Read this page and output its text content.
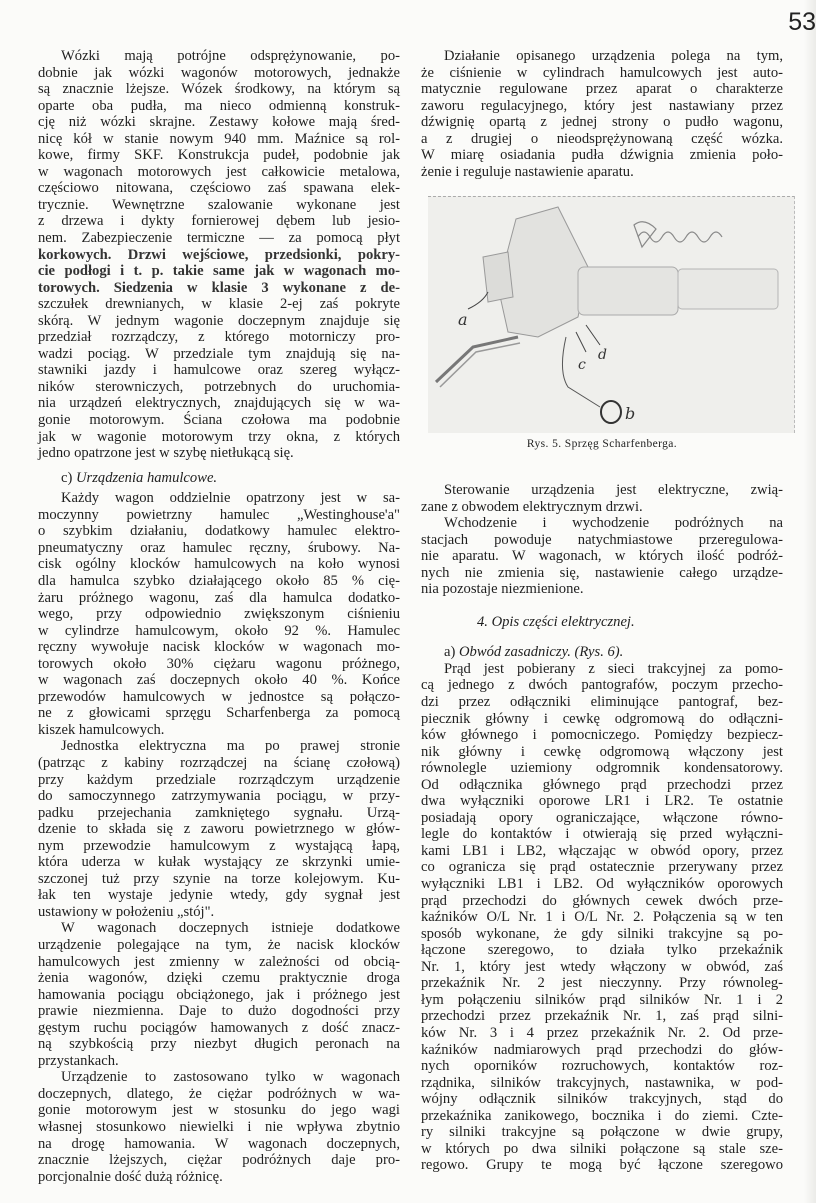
53
Wózki mają potrójne odsprężynowanie, po-
dobnie jak wózki wagonów motorowych, jednakże
są znacznie lżejsze. Wózek środkowy, na którym są
oparte oba pudła, ma nieco odmienną konstruk-
cję niż wózki skrajne. Zestawy kołowe mają śred-
nicę kół w stanie nowym 940 mm. Maźnice są rol-
kowe, firmy SKF. Konstrukcja pudeł, podobnie jak
w wagonach motorowych jest całkowicie metalowa,
częściowo nitowana, częściowo zaś spawana elek-
trycznie. Wewnętrzne szalowanie wykonane jest
z drzewa i dykty fornierowej dębem lub jesio-
nem. Zabezpieczenie termiczne — za pomocą płyt
korkowych. Drzwi wejściowe, przedsionki, pokry-
cie podłogi i t. p. takie same jak w wagonach mo-
torowych. Siedzenia w klasie 3 wykonane z de-
szczułek drewnianych, w klasie 2-ej zaś pokryte
skórą. W jednym wagonie doczepnym znajduje się
przedział rozrządczy, z którego motorniczy pro-
wadzi pociąg. W przedziale tym znajdują się na-
stawniki jazdy i hamulcowe oraz szereg wyłącz-
ników sterowniczych, potrzebnych do uruchomia-
nia urządzeń elektrycznych, znajdujących się w wa-
gonie motorowym. Ściana czołowa ma podobnie
jak w wagonie motorowym trzy okna, z których
jedno opatrzone jest w szybę nietłukącą się.
c) Urządzenia hamulcowe.
Każdy wagon oddzielnie opatrzony jest w sa-
moczynny powietrzny hamulec „Westinghouse'a"
o szybkim działaniu, dodatkowy hamulec elektro-
pneumatyczny oraz hamulec ręczny, śrubowy. Na-
cisk ogólny klocków hamulcowych na koło wynosi
dla hamulca szybko działającego około 85 % cię-
żaru próżnego wagonu, zaś dla hamulca dodatko-
wego, przy odpowiednio zwiększonym ciśnieniu
w cylindrze hamulcowym, około 92 %. Hamulec
ręczny wywołuje nacisk klocków w wagonach mo-
torowych około 30% ciężaru wagonu próżnego,
w wagonach zaś doczepnych około 40 %. Końce
przewodów hamulcowych w jednostce są połączo-
ne z głowicami sprzęgu Scharfenberga za pomocą
kiszek hamulcowych.
Jednostka elektryczna ma po prawej stronie
(patrząc z kabiny rozrządczej na ścianę czołową)
przy każdym przedziale rozrządczym urządzenie
do samoczynnego zatrzymywania pociągu, w przy-
padku przejechania zamkniętego sygnału. Urzą-
dzenie to składa się z zaworu powietrznego w głów-
nym przewodzie hamulcowym z wystającą łapą,
która uderza w kułak wystający ze skrzynki umie-
szczonej tuż przy szynie na torze kolejowym. Ku-
łak ten wystaje jedynie wtedy, gdy sygnał jest
ustawiony w położeniu „stój".
W wagonach doczepnych istnieje dodatkowe
urządzenie polegające na tym, że nacisk klocków
hamulcowych jest zmienny w zależności od obcią-
żenia wagonów, dzięki czemu praktycznie droga
hamowania pociągu obciążonego, jak i próżnego jest
prawie niezmienna. Daje to dużo dogodności przy
gęstym ruchu pociągów hamowanych z dość znacz-
ną szybkością przy niezbyt długich peronach na
przystankach.
Urządzenie to zastosowano tylko w wagonach
doczepnych, dlatego, że ciężar podróżnych w wa-
gonie motorowym jest w stosunku do jego wagi
własnej stosunkowo niewielki i nie wpływa zbytnio
na drogę hamowania. W wagonach doczepnych,
znacznie lżejszych, ciężar podróżnych daje pro-
porcjonalnie dość dużą różnicę.
Działanie opisanego urządzenia polega na tym,
że ciśnienie w cylindrach hamulcowych jest auto-
matycznie regulowane przez aparat o charakterze
zaworu regulacyjnego, który jest nastawiany przez
dźwignię opartą z jednej strony o pudło wagonu,
a z drugiej o nieodsprężynowaną część wózka.
W miarę osiadania pudła dźwignia zmienia poło-
żenie i reguluje nastawienie aparatu.
a
c
d
b
Rys. 5. Sprzęg Scharfenberga.
Sterowanie urządzenia jest elektryczne, zwią-
zane z obwodem elektrycznym drzwi.
Wchodzenie i wychodzenie podróżnych na
stacjach powoduje natychmiastowe przeregulowa-
nie aparatu. W wagonach, w których ilość podróż-
nych nie zmienia się, nastawienie całego urządze-
nia pozostaje niezmienione.
4. Opis części elektrycznej.
a) Obwód zasadniczy. (Rys. 6).
Prąd jest pobierany z sieci trakcyjnej za pomo-
cą jednego z dwóch pantografów, poczym przecho-
dzi przez odłączniki eliminujące pantograf, bez-
piecznik główny i cewkę odgromową do odłączni-
ków głównego i pomocniczego. Pomiędzy bezpiecz-
nik główny i cewkę odgromową włączony jest
równolegle uziemiony odgromnik kondensatorowy.
Od odłącznika głównego prąd przechodzi przez
dwa wyłączniki oporowe LR1 i LR2. Te ostatnie
posiadają opory ograniczające, włączone równo-
legle do kontaktów i otwierają się przed wyłączni-
kami LB1 i LB2, włączając w obwód opory, przez
co ogranicza się prąd ostatecznie przerywany przez
wyłączniki LB1 i LB2. Od wyłączników oporowych
prąd przechodzi do głównych cewek dwóch prze-
kaźników O/L Nr. 1 i O/L Nr. 2. Połączenia są w ten
sposób wykonane, że gdy silniki trakcyjne są po-
łączone szeregowo, to działa tylko przekaźnik
Nr. 1, który jest wtedy włączony w obwód, zaś
przekaźnik Nr. 2 jest nieczynny. Przy równoleg-
łym połączeniu silników prąd silników Nr. 1 i 2
przechodzi przez przekaźnik Nr. 1, zaś prąd silni-
ków Nr. 3 i 4 przez przekaźnik Nr. 2. Od prze-
kaźników nadmiarowych prąd przechodzi do głów-
nych oporników rozruchowych, kontaktów roz-
rządnika, silników trakcyjnych, nastawnika, w pod-
wójny odłącznik silników trakcyjnych, stąd do
przekaźnika zanikowego, bocznika i do ziemi. Czte-
ry silniki trakcyjne są połączone w dwie grupy,
w których po dwa silniki połączone są stale sze-
regowo. Grupy te mogą być łączone szeregowo
